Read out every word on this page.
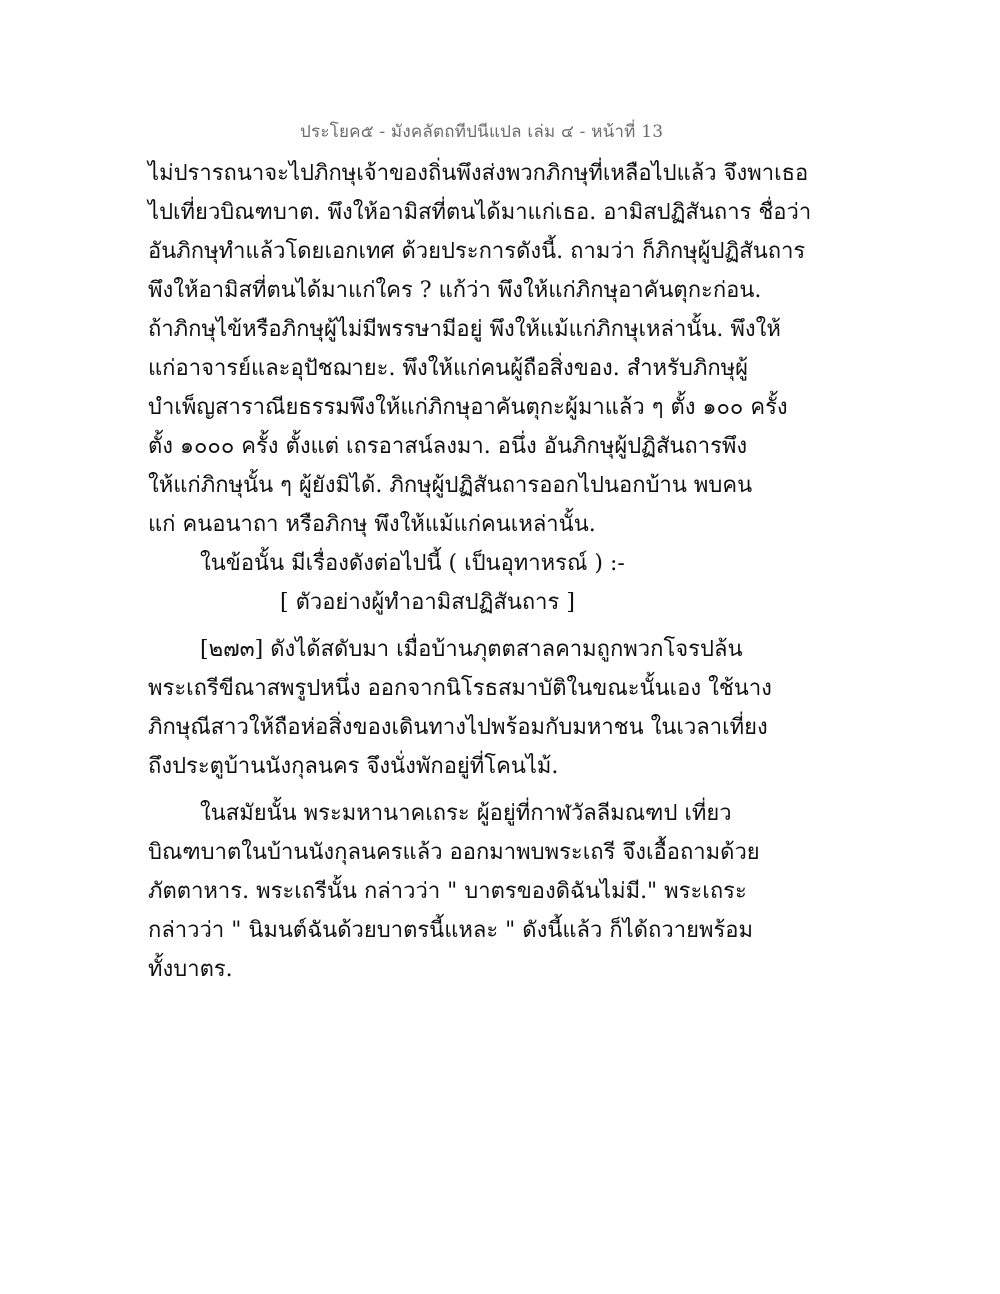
ประโยค๕ - มังคลัตถทีปนีแปล เล่ม ๔ - หน้าที่ 13
ไม่ปรารถนาจะไปภิกษุเจ้าของถิ่นพึงส่งพวกภิกษุที่เหลือไปแล้ว จึงพาเธอ
ไปเที่ยวบิณฑบาต. พึงให้อามิสที่ตนได้มาแก่เธอ. อามิสปฏิสันถาร ชื่อว่า
อันภิกษุทำแล้วโดยเอกเทศ ด้วยประการดังนี้. ถามว่า ก็ภิกษุผู้ปฏิสันถาร
พึงให้อามิสที่ตนได้มาแก่ใคร ? แก้ว่า พึงให้แก่ภิกษุอาคันตุกะก่อน.
ถ้าภิกษุไข้หรือภิกษุผู้ไม่มีพรรษามีอยู่ พึงให้แม้แก่ภิกษุเหล่านั้น. พึงให้
แก่อาจารย์และอุปัชฌายะ. พึงให้แก่คนผู้ถือสิ่งของ. สำหรับภิกษุผู้
บำเพ็ญสาราณียธรรมพึงให้แก่ภิกษุอาคันตุกะผู้มาแล้ว ๆ ตั้ง ๑๐๐ ครั้ง
ตั้ง ๑๐๐๐ ครั้ง ตั้งแต่ เถรอาสน์ลงมา. อนึ่ง อันภิกษุผู้ปฏิสันถารพึง
ให้แก่ภิกษุนั้น ๆ ผู้ยังมิได้. ภิกษุผู้ปฏิสันถารออกไปนอกบ้าน พบคน
แก่ คนอนาถา หรือภิกษุ พึงให้แม้แก่คนเหล่านั้น.
ในข้อนั้น มีเรื่องดังต่อไปนี้ ( เป็นอุทาหรณ์ ) :-
[ ตัวอย่างผู้ทำอามิสปฏิสันถาร ]
[๒๗๓] ดังได้สดับมา เมื่อบ้านภุตตสาลคามถูกพวกโจรปล้น
พระเถรีขีณาสพรูปหนึ่ง ออกจากนิโรธสมาบัติในขณะนั้นเอง ใช้นาง
ภิกษุณีสาวให้ถือห่อสิ่งของเดินทางไปพร้อมกับมหาชน ในเวลาเที่ยง
ถึงประตูบ้านนังกุลนคร จึงนั่งพักอยู่ที่โคนไม้.
ในสมัยนั้น พระมหานาคเถระ ผู้อยู่ที่กาฬวัลลีมณฑป เที่ยว
บิณฑบาตในบ้านนังกุลนครแล้ว ออกมาพบพระเถรี จึงเอื้อถามด้วย
ภัตตาหาร. พระเถรีนั้น กล่าวว่า " บาตรของดิฉันไม่มี." พระเถระ
กล่าวว่า " นิมนต์ฉันด้วยบาตรนี้แหละ " ดังนี้แล้ว ก็ได้ถวายพร้อม
ทั้งบาตร.
